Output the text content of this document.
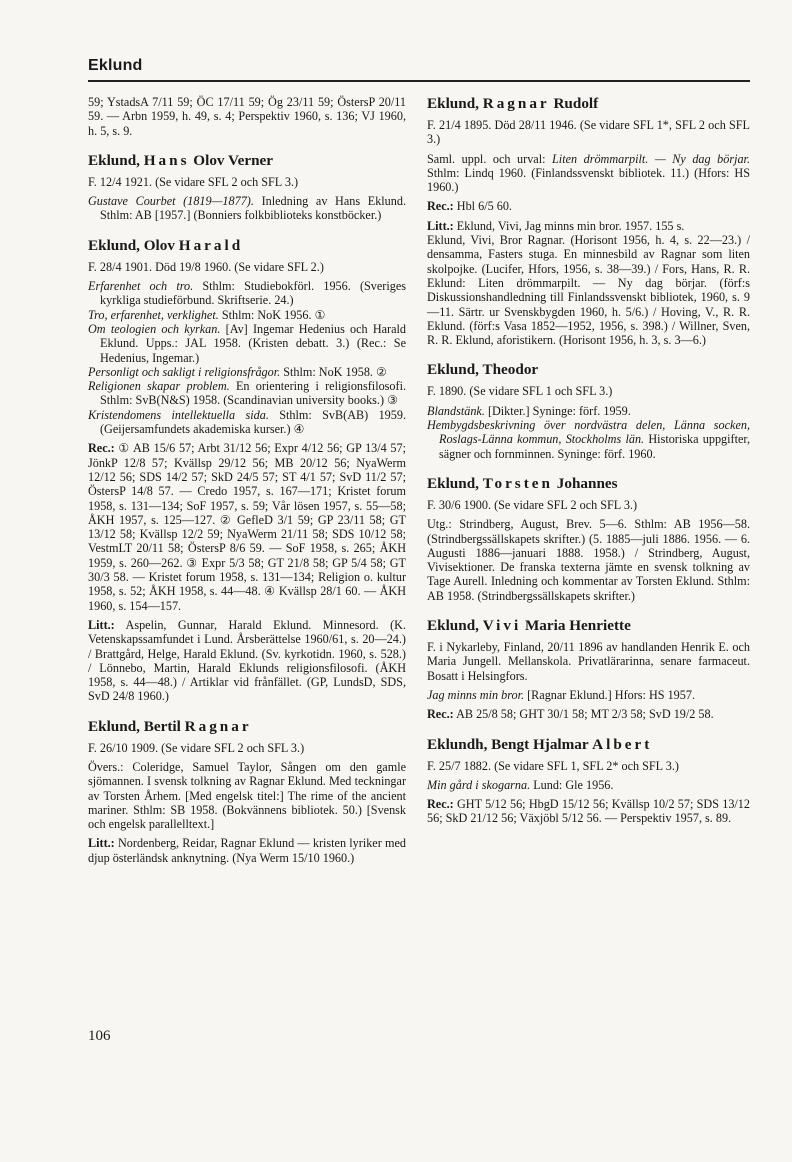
Eklund

59; YstadsA 7/11 59; ÖC 17/11 59; Ög 23/11 59; ÖstersP 20/11 59. — Arbn 1959, h. 49, s. 4; Perspektiv 1960, s. 136; VJ 1960, h. 5, s. 9.

Eklund, Hans Olov Verner

F. 12/4 1921. (Se vidare SFL 2 och SFL 3.)

Gustave Courbet (1819—1877). Inledning av Hans Eklund. Sthlm: AB [1957.] (Bonniers folkbiblioteks konstböcker.)

Eklund, Olov Harald

F. 28/4 1901. Död 19/8 1960. (Se vidare SFL 2.)

Erfarenhet och tro. Sthlm: Studiebokförl. 1956. (Sveriges kyrkliga studieförbund. Skriftserie. 24.)

Tro, erfarenhet, verklighet. Sthlm: NoK 1956. ①

Om teologien och kyrkan. [Av] Ingemar Hedenius och Harald Eklund. Upps.: JAL 1958. (Kristen debatt. 3.) (Rec.: Se Hedenius, Ingemar.)

Personligt och sakligt i religionsfrågor. Sthlm: NoK 1958. ②

Religionen skapar problem. En orientering i religionsfilosofi. Sthlm: SvB(N&S) 1958. (Scandinavian university books.) ③

Kristendomens intellektuella sida. Sthlm: SvB(AB) 1959. (Geijersamfundets akademiska kurser.) ④

Rec.: ① AB 15/6 57; Arbt 31/12 56; Expr 4/12 56; GP 13/4 57; JönkP 12/8 57; Kvällsp 29/12 56; MB 20/12 56; NyaWerm 12/12 56; SDS 14/2 57; SkD 24/5 57; ST 4/1 57; SvD 11/2 57; ÖstersP 14/8 57. — Credo 1957, s. 167—171; Kristet forum 1958, s. 131—134; SoF 1957, s. 59; Vår lösen 1957, s. 55—58; ÅKH 1957, s. 125—127. ② GefleD 3/1 59; GP 23/11 58; GT 13/12 58; Kvällsp 12/2 59; NyaWerm 21/11 58; SDS 10/12 58; VestmLT 20/11 58; ÖstersP 8/6 59. — SoF 1958, s. 265; ÅKH 1959, s. 260—262. ③ Expr 5/3 58; GT 21/8 58; GP 5/4 58; GT 30/3 58. — Kristet forum 1958, s. 131—134; Religion o. kultur 1958, s. 52; ÅKH 1958, s. 44—48. ④ Kvällsp 28/1 60. — ÅKH 1960, s. 154—157.

Litt.: Aspelin, Gunnar, Harald Eklund. Minnesord. (K. Vetenskapssamfundet i Lund. Årsberättelse 1960/61, s. 20—24.) / Brattgård, Helge, Harald Eklund. (Sv. kyrkotidn. 1960, s. 528.) / Lönnebo, Martin, Harald Eklunds religionsfilosofi. (ÅKH 1958, s. 44—48.) / Artiklar vid frånfället. (GP, LundsD, SDS, SvD 24/8 1960.)

Eklund, Bertil Ragnar

F. 26/10 1909. (Se vidare SFL 2 och SFL 3.)

Övers.: Coleridge, Samuel Taylor, Sången om den gamle sjömannen. I svensk tolkning av Ragnar Eklund. Med teckningar av Torsten Århem. [Med engelsk titel:] The rime of the ancient mariner. Sthlm: SB 1958. (Bokvännens bibliotek. 50.) [Svensk och engelsk parallelltext.]

Litt.: Nordenberg, Reidar, Ragnar Eklund — kristen lyriker med djup österländsk anknytning. (Nya Werm 15/10 1960.)

Eklund, Ragnar Rudolf

F. 21/4 1895. Död 28/11 1946. (Se vidare SFL 1*, SFL 2 och SFL 3.)

Saml. uppl. och urval: Liten drömmarpilt. — Ny dag börjar. Sthlm: Lindq 1960. (Finlandssvenskt bibliotek. 11.) (Hfors: HS 1960.)

Rec.: Hbl 6/5 60.

Litt.: Eklund, Vivi, Jag minns min bror. 1957. 155 s.

Eklund, Vivi, Bror Ragnar. (Horisont 1956, h. 4, s. 22—23.) / densamma, Fasters stuga. En minnesbild av Ragnar som liten skolpojke. (Lucifer, Hfors, 1956, s. 38—39.) / Fors, Hans, R. R. Eklund: Liten drömmarpilt. — Ny dag börjar. (förf:s Diskussionshandledning till Finlandssvenskt bibliotek, 1960, s. 9—11. Särtr. ur Svenskbygden 1960, h. 5/6.) / Hoving, V., R. R. Eklund. (förf:s Vasa 1852—1952, 1956, s. 398.) / Willner, Sven, R. R. Eklund, aforistikern. (Horisont 1956, h. 3, s. 3—6.)

Eklund, Theodor

F. 1890. (Se vidare SFL 1 och SFL 3.)

Blandstänk. [Dikter.] Syninge: förf. 1959.

Hembygdsbeskrivning över nordvästra delen, Länna socken, Roslags-Länna kommun, Stockholms län. Historiska uppgifter, sägner och fornminnen. Syninge: förf. 1960.

Eklund, Torsten Johannes

F. 30/6 1900. (Se vidare SFL 2 och SFL 3.)

Utg.: Strindberg, August, Brev. 5—6. Sthlm: AB 1956—58. (Strindbergssällskapets skrifter.) (5. 1885—juli 1886. 1956. — 6. Augusti 1886—januari 1888. 1958.) / Strindberg, August, Vivisektioner. De franska texterna jämte en svensk tolkning av Tage Aurell. Inledning och kommentar av Torsten Eklund. Sthlm: AB 1958. (Strindbergssällskapets skrifter.)

Eklund, Vivi Maria Henriette

F. i Nykarleby, Finland, 20/11 1896 av handlanden Henrik E. och Maria Jungell. Mellanskola. Privatlärarinna, senare farmaceut. Bosatt i Helsingfors.

Jag minns min bror. [Ragnar Eklund.] Hfors: HS 1957.

Rec.: AB 25/8 58; GHT 30/1 58; MT 2/3 58; SvD 19/2 58.

Eklundh, Bengt Hjalmar Albert

F. 25/7 1882. (Se vidare SFL 1, SFL 2* och SFL 3.)

Min gård i skogarna. Lund: Gle 1956.

Rec.: GHT 5/12 56; HbgD 15/12 56; Kvällsp 10/2 57; SDS 13/12 56; SkD 21/12 56; Växjöbl 5/12 56. — Perspektiv 1957, s. 89.

106
